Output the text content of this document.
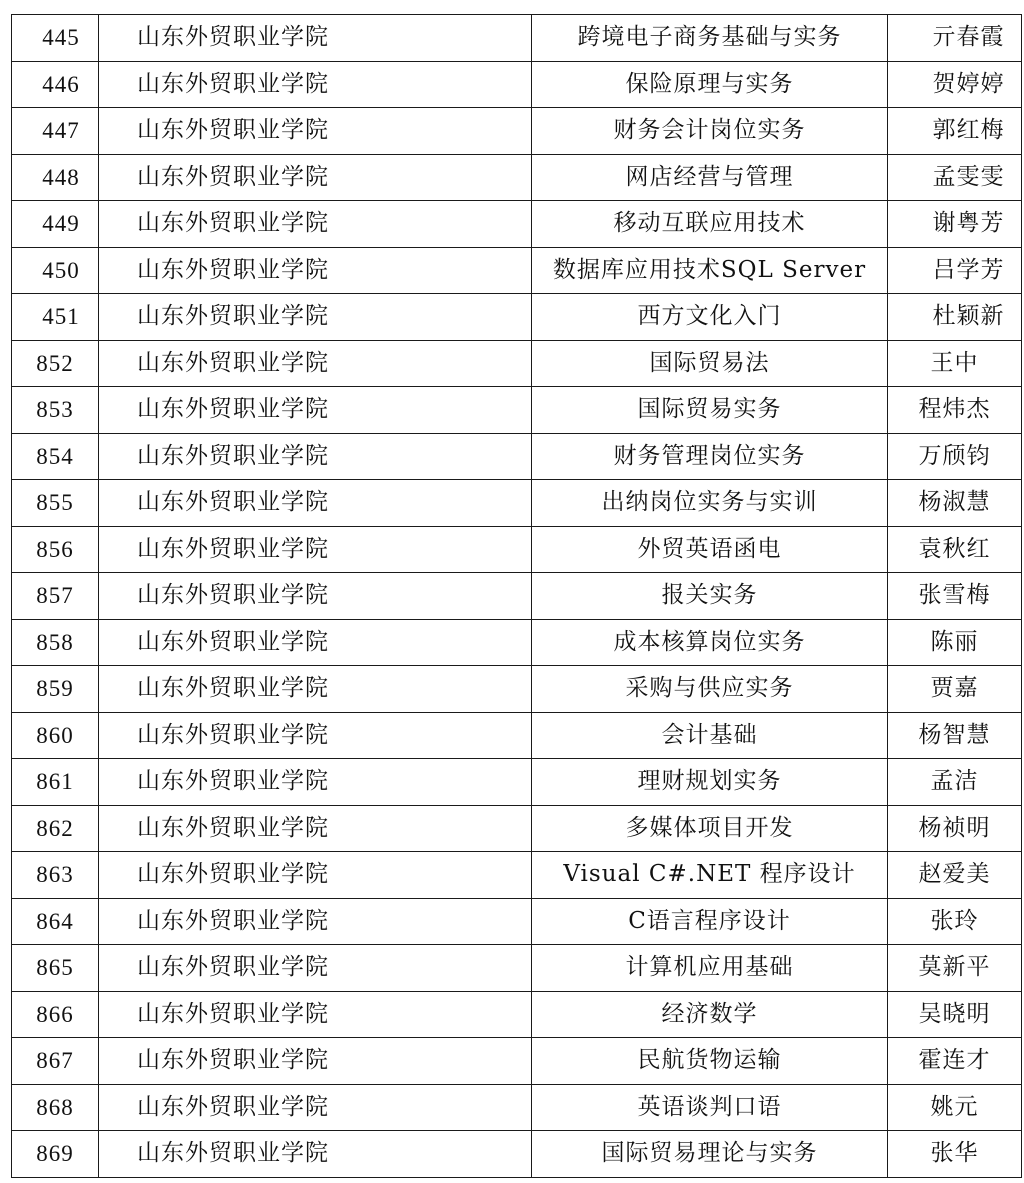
445	山东外贸职业学院	跨境电子商务基础与实务	亓春霞
446	山东外贸职业学院	保险原理与实务	贺婷婷
447	山东外贸职业学院	财务会计岗位实务	郭红梅
448	山东外贸职业学院	网店经营与管理	孟雯雯
449	山东外贸职业学院	移动互联应用技术	谢粤芳
450	山东外贸职业学院	数据库应用技术SQL Server	吕学芳
451	山东外贸职业学院	西方文化入门	杜颖新
852	山东外贸职业学院	国际贸易法	王中
853	山东外贸职业学院	国际贸易实务	程炜杰
854	山东外贸职业学院	财务管理岗位实务	万颀钧
855	山东外贸职业学院	出纳岗位实务与实训	杨淑慧
856	山东外贸职业学院	外贸英语函电	袁秋红
857	山东外贸职业学院	报关实务	张雪梅
858	山东外贸职业学院	成本核算岗位实务	陈丽
859	山东外贸职业学院	采购与供应实务	贾嘉
860	山东外贸职业学院	会计基础	杨智慧
861	山东外贸职业学院	理财规划实务	孟洁
862	山东外贸职业学院	多媒体项目开发	杨祯明
863	山东外贸职业学院	Visual C#.NET 程序设计	赵爱美
864	山东外贸职业学院	C语言程序设计	张玲
865	山东外贸职业学院	计算机应用基础	莫新平
866	山东外贸职业学院	经济数学	吴晓明
867	山东外贸职业学院	民航货物运输	霍连才
868	山东外贸职业学院	英语谈判口语	姚元
869	山东外贸职业学院	国际贸易理论与实务	张华
